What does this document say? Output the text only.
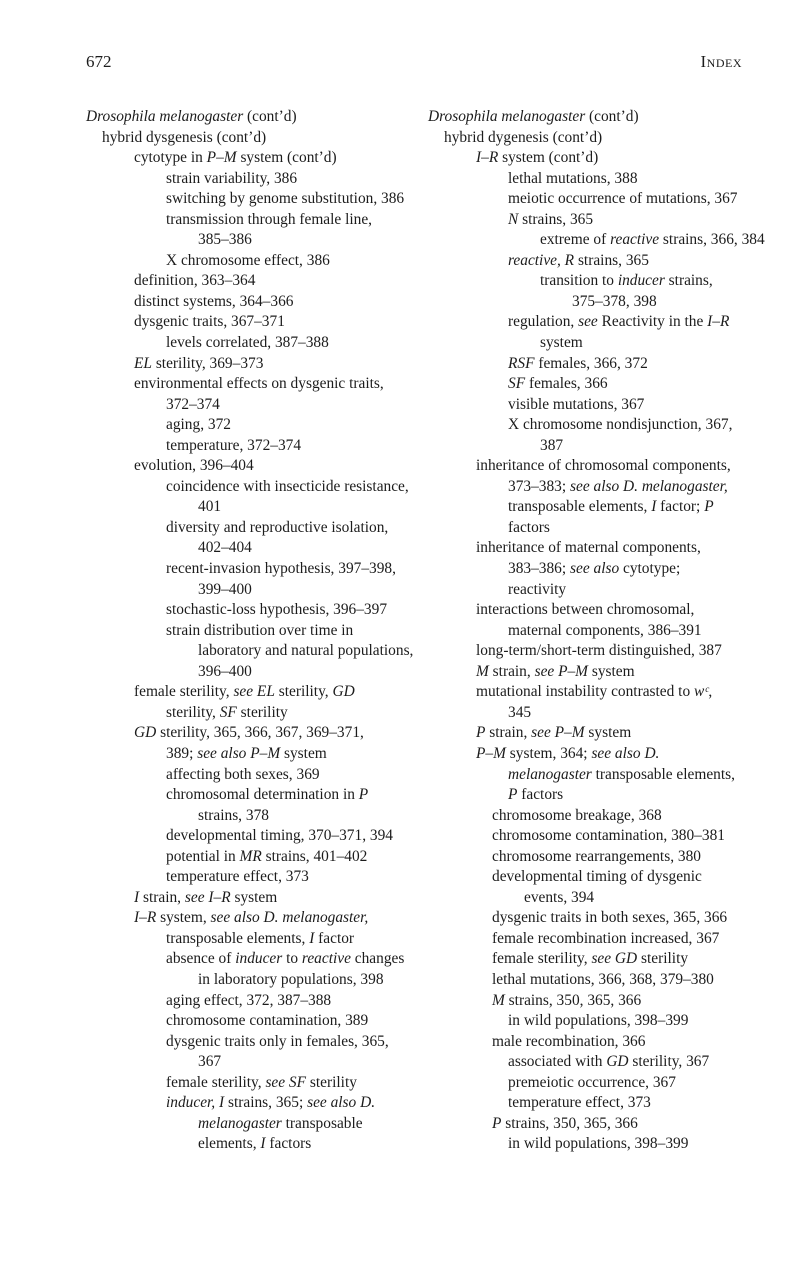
672	Index
Drosophila melanogaster (cont’d)
hybrid dysgenesis (cont’d)
cytotype in P–M system (cont’d)
strain variability, 386
switching by genome substitution, 386
transmission through female line,
385–386
X chromosome effect, 386
definition, 363–364
distinct systems, 364–366
dysgenic traits, 367–371
levels correlated, 387–388
EL sterility, 369–373
environmental effects on dysgenic traits,
372–374
aging, 372
temperature, 372–374
evolution, 396–404
coincidence with insecticide resistance,
401
diversity and reproductive isolation,
402–404
recent-invasion hypothesis, 397–398,
399–400
stochastic-loss hypothesis, 396–397
strain distribution over time in
laboratory and natural populations,
396–400
female sterility, see EL sterility, GD
sterility, SF sterility
GD sterility, 365, 366, 367, 369–371,
389; see also P–M system
affecting both sexes, 369
chromosomal determination in P
strains, 378
developmental timing, 370–371, 394
potential in MR strains, 401–402
temperature effect, 373
I strain, see I–R system
I–R system, see also D. melanogaster,
transposable elements, I factor
absence of inducer to reactive changes
in laboratory populations, 398
aging effect, 372, 387–388
chromosome contamination, 389
dysgenic traits only in females, 365,
367
female sterility, see SF sterility
inducer, I strains, 365; see also D.
melanogaster transposable
elements, I factors
Drosophila melanogaster (cont’d)
hybrid dygenesis (cont’d)
I–R system (cont’d)
lethal mutations, 388
meiotic occurrence of mutations, 367
N strains, 365
extreme of reactive strains, 366, 384
reactive, R strains, 365
transition to inducer strains,
375–378, 398
regulation, see Reactivity in the I–R
system
RSF females, 366, 372
SF females, 366
visible mutations, 367
X chromosome nondisjunction, 367,
387
inheritance of chromosomal components,
373–383; see also D. melanogaster,
transposable elements, I factor; P
factors
inheritance of maternal components,
383–386; see also cytotype;
reactivity
interactions between chromosomal,
maternal components, 386–391
long-term/short-term distinguished, 387
M strain, see P–M system
mutational instability contrasted to wᶜ,
345
P strain, see P–M system
P–M system, 364; see also D.
melanogaster transposable elements,
P factors
chromosome breakage, 368
chromosome contamination, 380–381
chromosome rearrangements, 380
developmental timing of dysgenic
events, 394
dysgenic traits in both sexes, 365, 366
female recombination increased, 367
female sterility, see GD sterility
lethal mutations, 366, 368, 379–380
M strains, 350, 365, 366
in wild populations, 398–399
male recombination, 366
associated with GD sterility, 367
premeiotic occurrence, 367
temperature effect, 373
P strains, 350, 365, 366
in wild populations, 398–399
